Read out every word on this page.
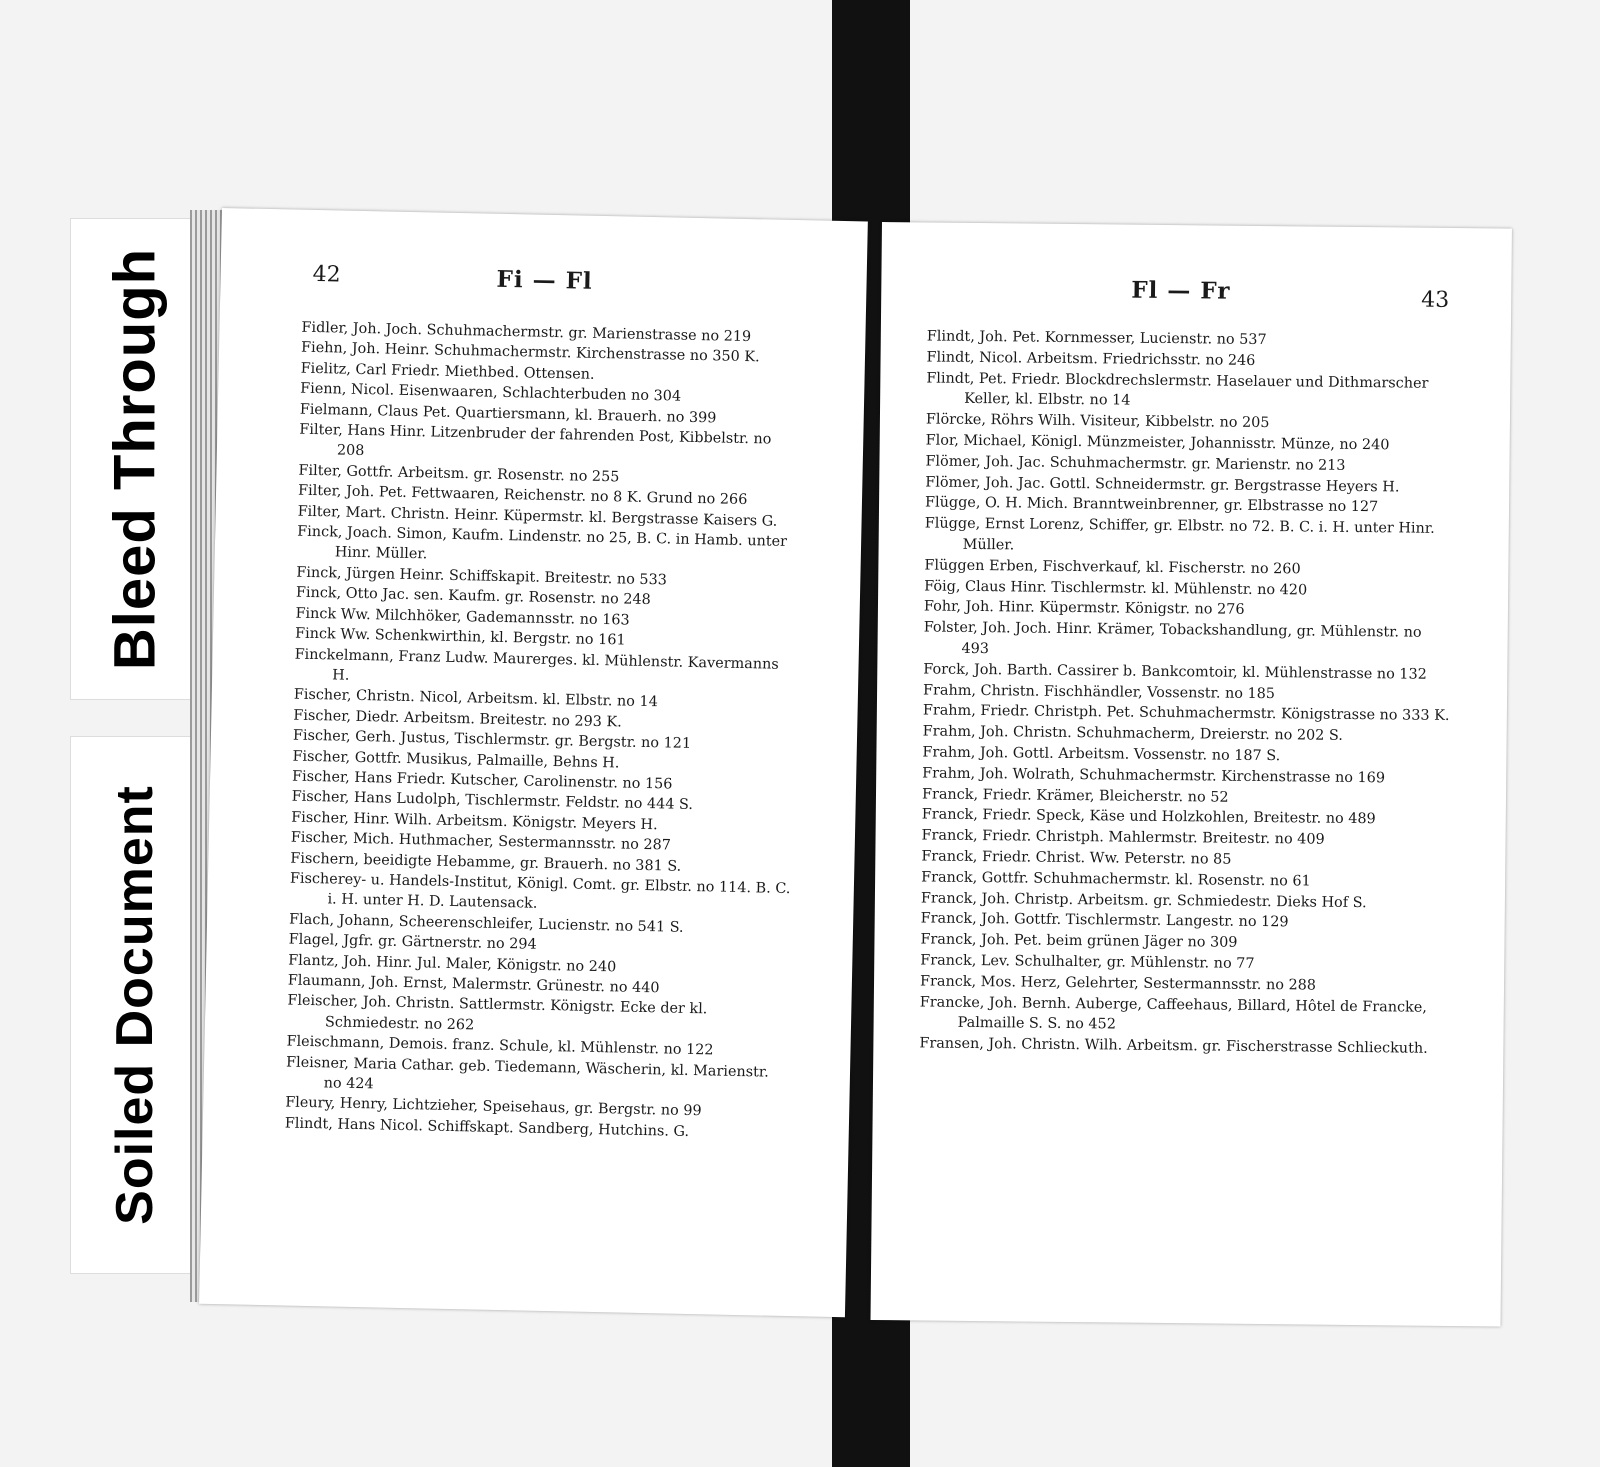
Bleed Through
Soiled Document
42	Fi — Fl
Fidler, Joh. Joch. Schuhmachermstr. gr. Marienstrasse no 219
Fiehn, Joh. Heinr. Schuhmachermstr. Kirchenstrasse no 350 K.
Fielitz, Carl Friedr. Miethbed. Ottensen.
Fienn, Nicol. Eisenwaaren, Schlachterbuden no 304
Fielmann, Claus Pet. Quartiersmann, kl. Brauerh. no 399
Filter, Hans Hinr. Litzenbruder der fahrenden Post, Kibbelstr. no 208
Filter, Gottfr. Arbeitsm. gr. Rosenstr. no 255
Filter, Joh. Pet. Fettwaaren, Reichenstr. no 8 K. Grund no 266
Filter, Mart. Christn. Heinr. Küpermstr. kl. Bergstrasse Kaisers G.
Finck, Joach. Simon, Kaufm. Lindenstr. no 25, B. C. in Hamb. unter Hinr. Müller.
Finck, Jürgen Heinr. Schiffskapit. Breitestr. no 533
Finck, Otto Jac. sen. Kaufm. gr. Rosenstr. no 248
Finck Ww. Milchhöker, Gademannsstr. no 163
Finck Ww. Schenkwirthin, kl. Bergstr. no 161
Finckelmann, Franz Ludw. Maurerges. kl. Mühlenstr. Kavermanns H.
Fischer, Christn. Nicol, Arbeitsm. kl. Elbstr. no 14
Fischer, Diedr. Arbeitsm. Breitestr. no 293 K.
Fischer, Gerh. Justus, Tischlermstr. gr. Bergstr. no 121
Fischer, Gottfr. Musikus, Palmaille, Behns H.
Fischer, Hans Friedr. Kutscher, Carolinenstr. no 156
Fischer, Hans Ludolph, Tischlermstr. Feldstr. no 444 S.
Fischer, Hinr. Wilh. Arbeitsm. Königstr. Meyers H.
Fischer, Mich. Huthmacher, Sestermannsstr. no 287
Fischern, beeidigte Hebamme, gr. Brauerh. no 381 S.
Fischerey- u. Handels-Institut, Königl. Comt. gr. Elbstr. no 114. B. C. i. H. unter H. D. Lautensack.
Flach, Johann, Scheerenschleifer, Lucienstr. no 541 S.
Flagel, Jgfr. gr. Gärtnerstr. no 294
Flantz, Joh. Hinr. Jul. Maler, Königstr. no 240
Flaumann, Joh. Ernst, Malermstr. Grünestr. no 440
Fleischer, Joh. Christn. Sattlermstr. Königstr. Ecke der kl. Schmiedestr. no 262
Fleischmann, Demois. franz. Schule, kl. Mühlenstr. no 122
Fleisner, Maria Cathar. geb. Tiedemann, Wäscherin, kl. Marienstr. no 424
Fleury, Henry, Lichtzieher, Speisehaus, gr. Bergstr. no 99
Flindt, Hans Nicol. Schiffskapt. Sandberg, Hutchins. G.
Fl — Fr	43
Flindt, Joh. Pet. Kornmesser, Lucienstr. no 537
Flindt, Nicol. Arbeitsm. Friedrichsstr. no 246
Flindt, Pet. Friedr. Blockdrechslermstr. Haselauer und Dithmarscher Keller, kl. Elbstr. no 14
Flörcke, Röhrs Wilh. Visiteur, Kibbelstr. no 205
Flor, Michael, Königl. Münzmeister, Johannisstr. Münze, no 240
Flömer, Joh. Jac. Schuhmachermstr. gr. Marienstr. no 213
Flömer, Joh. Jac. Gottl. Schneidermstr. gr. Bergstrasse Heyers H.
Flügge, O. H. Mich. Branntweinbrenner, gr. Elbstrasse no 127
Flügge, Ernst Lorenz, Schiffer, gr. Elbstr. no 72. B. C. i. H. unter Hinr. Müller.
Flüggen Erben, Fischverkauf, kl. Fischerstr. no 260
Föig, Claus Hinr. Tischlermstr. kl. Mühlenstr. no 420
Fohr, Joh. Hinr. Küpermstr. Königstr. no 276
Folster, Joh. Joch. Hinr. Krämer, Tobackshandlung, gr. Mühlenstr. no 493
Forck, Joh. Barth. Cassirer b. Bankcomtoir, kl. Mühlenstrasse no 132
Frahm, Christn. Fischhändler, Vossenstr. no 185
Frahm, Friedr. Christph. Pet. Schuhmachermstr. Königstrasse no 333 K.
Frahm, Joh. Christn. Schuhmacherm, Dreierstr. no 202 S.
Frahm, Joh. Gottl. Arbeitsm. Vossenstr. no 187 S.
Frahm, Joh. Wolrath, Schuhmachermstr. Kirchenstrasse no 169
Franck, Friedr. Krämer, Bleicherstr. no 52
Franck, Friedr. Speck, Käse und Holzkohlen, Breitestr. no 489
Franck, Friedr. Christph. Mahlermstr. Breitestr. no 409
Franck, Friedr. Christ. Ww. Peterstr. no 85
Franck, Gottfr. Schuhmachermstr. kl. Rosenstr. no 61
Franck, Joh. Christp. Arbeitsm. gr. Schmiedestr. Dieks Hof S.
Franck, Joh. Gottfr. Tischlermstr. Langestr. no 129
Franck, Joh. Pet. beim grünen Jäger no 309
Franck, Lev. Schulhalter, gr. Mühlenstr. no 77
Franck, Mos. Herz, Gelehrter, Sestermannsstr. no 288
Francke, Joh. Bernh. Auberge, Caffeehaus, Billard, Hôtel de Francke, Palmaille S. S. no 452
Fransen, Joh. Christn. Wilh. Arbeitsm. gr. Fischerstrasse Schlieckuth.
